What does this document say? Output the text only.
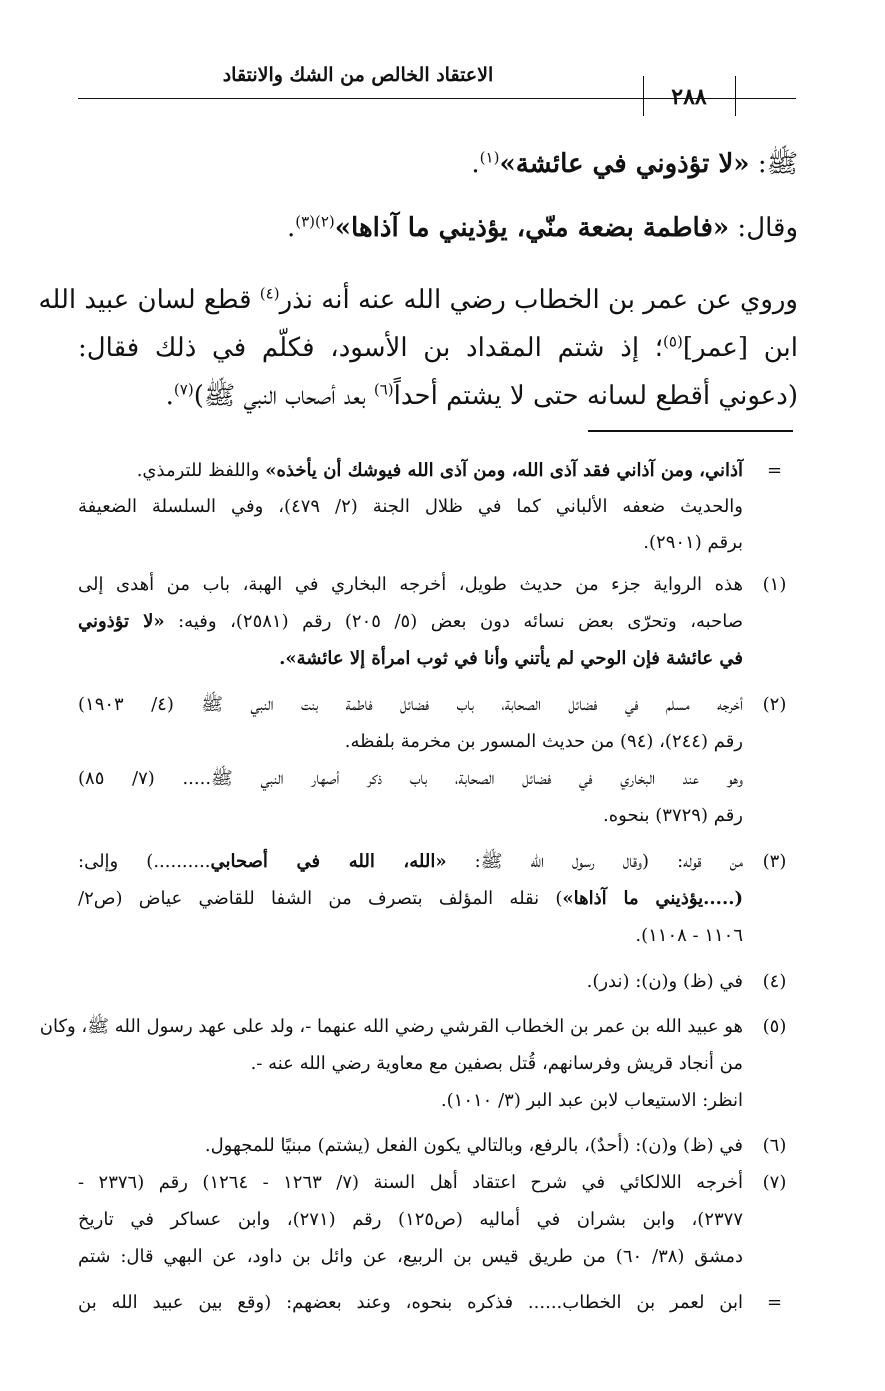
الاعتقاد الخالص من الشك والانتقاد
٢٨٨
ﷺ: «لا تؤذوني في عائشة»$^{(١)}$.
وقال: «فاطمة بضعة منّي، يؤذيني ما آذاها»$^{(٢)(٣)}$.
وروي عن عمر بن الخطاب رضي الله عنه أنه نذر$^{(٤)}$ قطع لسان عبيد الله
ابن [عمر]$^{(٥)}$؛ إذ شتم المقداد بن الأسود، فكلّم في ذلك فقال:
(دعوني أقطع لسانه حتى لا يشتم أحداً$^{(٦)}$ بعد أصحاب النبي ﷺ)$^{(٧)}$.
=
آذاني، ومن آذاني فقد آذى الله، ومن آذى الله فيوشك أن يأخذه» واللفظ للترمذي.
والحديث ضعفه الألباني كما في ظلال الجنة (٢/ ٤٧٩)، وفي السلسلة الضعيفة
برقم (٢٩٠١).
(١)
هذه الرواية جزء من حديث طويل، أخرجه البخاري في الهبة، باب من أهدى إلى
صاحبه، وتحرّى بعض نسائه دون بعض (٥/ ٢٠٥) رقم (٢٥٨١)، وفيه: «لا تؤذوني
في عائشة فإن الوحي لم يأتني وأنا في ثوب امرأة إلا عائشة».
(٢)
أخرجه مسلم في فضائل الصحابة، باب فضائل فاطمة بنت النبي ﷺ (٤/ ١٩٠٣)
رقم (٢٤٤)، (٩٤) من حديث المسور بن مخرمة بلفظه.
وهو عند البخاري في فضائل الصحابة، باب ذكر أصهار النبي ﷺ..... (٧/ ٨٥)
رقم (٣٧٢٩) بنحوه.
(٣)
من قوله: (وقال رسول الله ﷺ: «الله، الله في أصحابي..........) وإلى:
(.....يؤذيني ما آذاها») نقله المؤلف بتصرف من الشفا للقاضي عياض (ص٢/
١١٠٦ - ١١٠٨).
(٤)
في (ظ) و(ن): (ندر).
(٥)
هو عبيد الله بن عمر بن الخطاب القرشي رضي الله عنهما -، ولد على عهد رسول الله ﷺ، وكان
من أنجاد قريش وفرسانهم، قُتل بصفين مع معاوية رضي الله عنه -.
انظر: الاستيعاب لابن عبد البر (٣/ ١٠١٠).
(٦)
في (ظ) و(ن): (أحدٌ)، بالرفع، وبالتالي يكون الفعل (يشتم) مبنيًا للمجهول.
(٧)
أخرجه اللالكائي في شرح اعتقاد أهل السنة (٧/ ١٢٦٣ - ١٢٦٤) رقم (٢٣٧٦ -
٢٣٧٧)، وابن بشران في أماليه (ص١٢٥) رقم (٢٧١)، وابن عساكر في تاريخ
دمشق (٣٨/ ٦٠) من طريق قيس بن الربيع، عن وائل بن داود، عن البهي قال: شتم
=
ابن لعمر بن الخطاب...... فذكره بنحوه، وعند بعضهم: (وقع بين عبيد الله بن
